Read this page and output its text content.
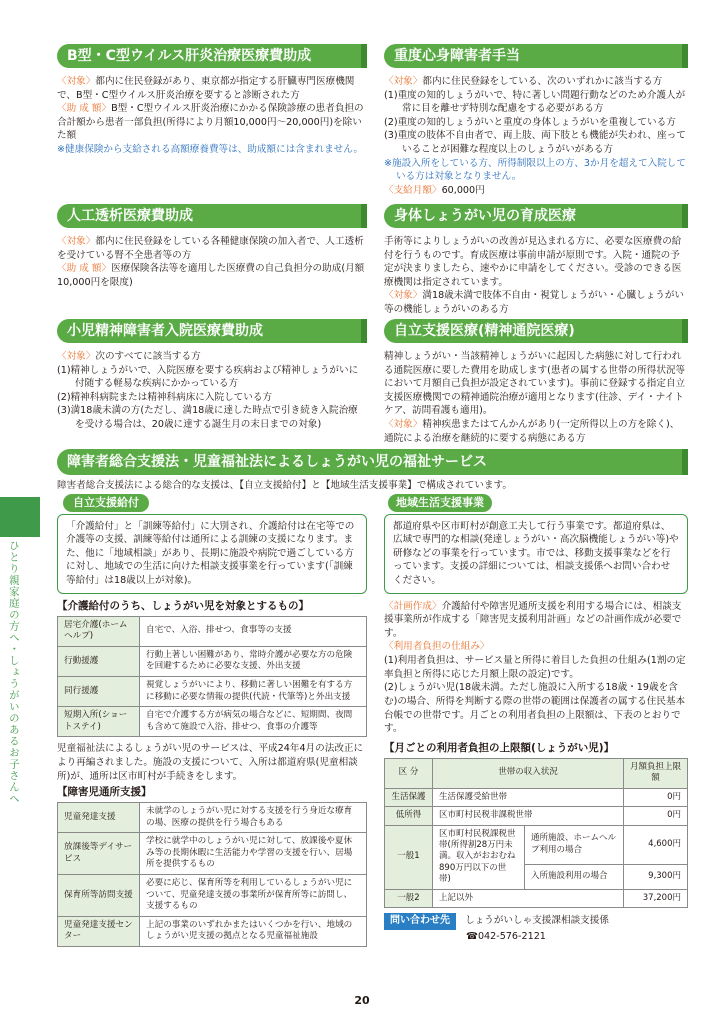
ひとり親家庭の方へ・しょうがいのあるお子さんへ
B型・C型ウイルス肝炎治療医療費助成
〈対象〉都内に住民登録があり、東京都が指定する肝臓専門医療機関で、B型・C型ウイルス肝炎治療を要すると診断された方
〈助 成 額〉B型・C型ウイルス肝炎治療にかかる保険診療の患者負担の合計額から患者一部負担(所得により月額10,000円〜20,000円)を除いた額
※健康保険から支給される高額療養費等は、助成額には含まれません。
重度心身障害者手当
〈対象〉都内に住民登録をしている、次のいずれかに該当する方
(1)重度の知的しょうがいで、特に著しい問題行動などのため介護人が常に目を離せず特別な配慮をする必要がある方
(2)重度の知的しょうがいと重度の身体しょうがいを重複している方
(3)重度の肢体不自由者で、両上肢、両下肢とも機能が失われ、座っていることが困難な程度以上のしょうがいがある方
※施設入所をしている方、所得制限以上の方、3か月を超えて入院している方は対象となりません。
〈支給月額〉60,000円
人工透析医療費助成
〈対象〉都内に住民登録をしている各種健康保険の加入者で、人工透析を受けている腎不全患者等の方
〈助 成 額〉医療保険各法等を適用した医療費の自己負担分の助成(月額10,000円を限度)
身体しょうがい児の育成医療
手術等によりしょうがいの改善が見込まれる方に、必要な医療費の給付を行うものです。育成医療は事前申請が原則です。入院・通院の予定が決まりましたら、速やかに申請をしてください。受診のできる医療機関は指定されています。
〈対象〉満18歳未満で肢体不自由・視覚しょうがい・心臓しょうがい等の機能しょうがいのある方
小児精神障害者入院医療費助成
〈対象〉次のすべてに該当する方
(1)精神しょうがいで、入院医療を要する疾病および精神しょうがいに付随する軽易な疾病にかかっている方
(2)精神科病院または精神科病床に入院している方
(3)満18歳未満の方(ただし、満18歳に達した時点で引き続き入院治療を受ける場合は、20歳に達する誕生月の末日までの対象)
自立支援医療(精神通院医療)
精神しょうがい・当該精神しょうがいに起因した病態に対して行われる通院医療に要した費用を助成します(患者の属する世帯の所得状況等において月額自己負担が設定されています)。事前に登録する指定自立支援医療機関での精神通院治療が適用となります(往診、デイ・ナイトケア、訪問看護も適用)。
〈対象〉精神疾患またはてんかんがあり(一定所得以上の方を除く)、通院による治療を継続的に要する病態にある方
障害者総合支援法・児童福祉法によるしょうがい児の福祉サービス
障害者総合支援法による総合的な支援は、【自立支援給付】と【地域生活支援事業】で構成されています。
自立支援給付
「介護給付」と「訓練等給付」に大別され、介護給付は在宅等での介護等の支援、訓練等給付は通所による訓練の支援になります。また、他に「地域相談」があり、長期に施設や病院で過ごしている方に対し、地域での生活に向けた相談支援事業を行っています(「訓練等給付」は18歳以上が対象)。
【介護給付のうち、しょうがい児を対象とするもの】
居宅介護(ホームヘルプ)	自宅で、入浴、排せつ、食事等の支援
行動援護	行動上著しい困難があり、常時介護が必要な方の危険を回避するために必要な支援、外出支援
同行援護	視覚しょうがいにより、移動に著しい困難を有する方に移動に必要な情報の提供(代読・代筆等)と外出支援
短期入所(ショートステイ)	自宅で介護する方が病気の場合などに、短期間、夜間も含めて施設で入浴、排せつ、食事の介護等
児童福祉法によるしょうがい児のサービスは、平成24年4月の法改正により再編されました。施設の支援について、入所は都道府県(児童相談所)が、通所は区市町村が手続きをします。
【障害児通所支援】
児童発達支援	未就学のしょうがい児に対する支援を行う身近な療育の場、医療の提供を行う場合もある
放課後等デイサービス	学校に就学中のしょうがい児に対して、放課後や夏休み等の長期休暇に生活能力や学習の支援を行い、居場所を提供するもの
保育所等訪問支援	必要に応じ、保育所等を利用しているしょうがい児について、児童発達支援の事業所が保育所等に訪問し、支援するもの
児童発達支援センター	上記の事業のいずれかまたはいくつかを行い、地域のしょうがい児支援の拠点となる児童福祉施設
地域生活支援事業
都道府県や区市町村が創意工夫して行う事業です。都道府県は、広域で専門的な相談(発達しょうがい・高次脳機能しょうがい等)や研修などの事業を行っています。市では、移動支援事業などを行っています。支援の詳細については、相談支援係へお問い合わせください。
〈計画作成〉介護給付や障害児通所支援を利用する場合には、相談支援事業所が作成する「障害児支援利用計画」などの計画作成が必要です。
〈利用者負担の仕組み〉
(1)利用者負担は、サービス量と所得に着目した負担の仕組み(1割の定率負担と所得に応じた月額上限の設定)です。
(2)しょうがい児(18歳未満。ただし施設に入所する18歳・19歳を含む)の場合、所得を判断する際の世帯の範囲は保護者の属する住民基本台帳での世帯です。月ごとの利用者負担の上限額は、下表のとおりです。
【月ごとの利用者負担の上限額(しょうがい児)】
区 分	世帯の収入状況		月額負担上限額
生活保護	生活保護受給世帯		0円
低所得	区市町村民税非課税世帯		0円
一般1	区市町村民税課税世帯(所得割28万円未満。収入がおおむね890万円以下の世帯)	通所施設、ホームヘルプ利用の場合	4,600円
		入所施設利用の場合	9,300円
一般2	上記以外		37,200円
問い合わせ先 しょうがいしゃ支援課相談支援係
☎042-576-2121
20
